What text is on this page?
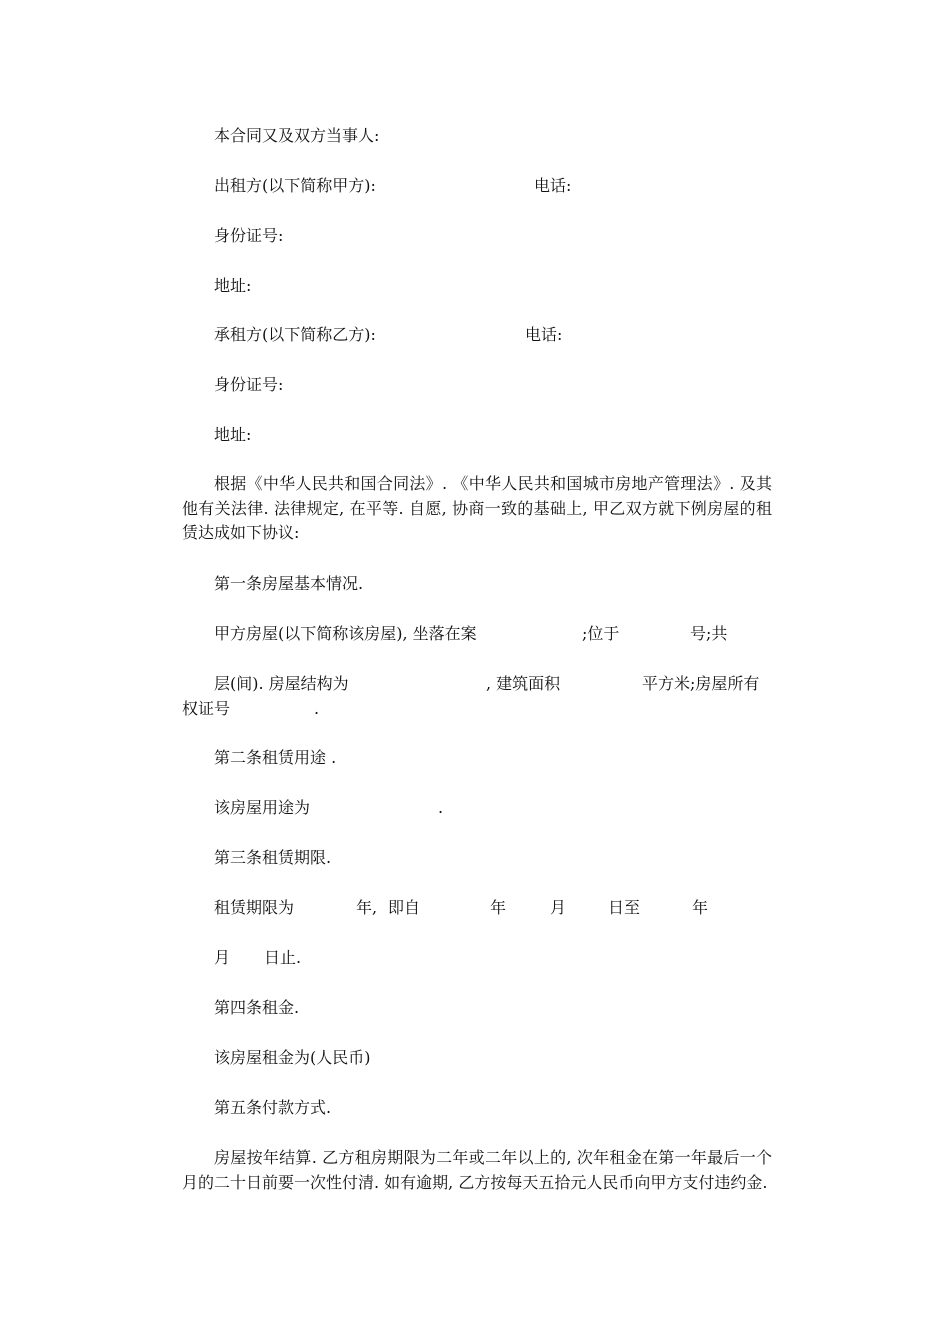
本合同又及双方当事人:
出租方(以下简称甲方):	电话:
身份证号:
地址:
承租方(以下简称乙方):	电话:
身份证号:
地址:
根据《中华人民共和国合同法》. 《中华人民共和国城市房地产管理法》. 及其他有关法律. 法律规定, 在平等. 自愿, 协商一致的基础上, 甲乙双方就下例房屋的租赁达成如下协议:
第一条房屋基本情况.
甲方房屋(以下简称该房屋), 坐落在案	;位于	号;共
层(间). 房屋结构为	, 建筑面积	平方米;房屋所有
权证号	.
第二条租赁用途 .
该房屋用途为	.
第三条租赁期限.
租赁期限为	年, 即自	年	月	日至	年
月 日止.
第四条租金.
该房屋租金为(人民币)
第五条付款方式.
房屋按年结算. 乙方租房期限为二年或二年以上的, 次年租金在第一年最后一个月的二十日前要一次性付清. 如有逾期, 乙方按每天五拾元人民币向甲方支付违约金.
